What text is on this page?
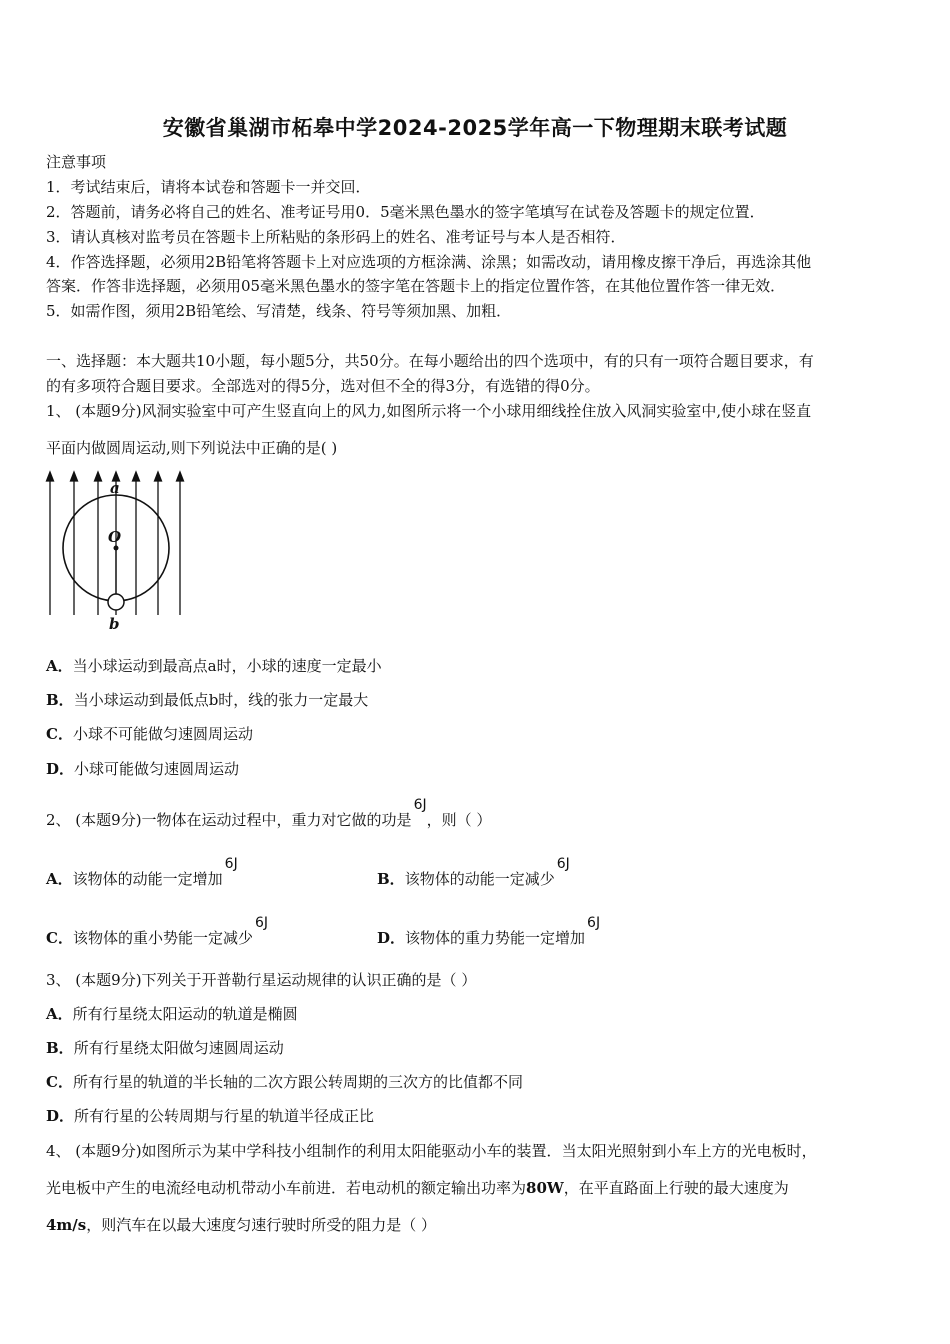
安徽省巢湖市柘皋中学2024-2025学年高一下物理期末联考试题
注意事项
1．考试结束后，请将本试卷和答题卡一并交回．
2．答题前，请务必将自己的姓名、准考证号用0．5毫米黑色墨水的签字笔填写在试卷及答题卡的规定位置．
3．请认真核对监考员在答题卡上所粘贴的条形码上的姓名、准考证号与本人是否相符．
4．作答选择题，必须用2B铅笔将答题卡上对应选项的方框涂满、涂黑；如需改动，请用橡皮擦干净后，再选涂其他
答案．作答非选择题，必须用05毫米黑色墨水的签字笔在答题卡上的指定位置作答，在其他位置作答一律无效．
5．如需作图，须用2B铅笔绘、写清楚，线条、符号等须加黑、加粗．
一、选择题：本大题共10小题，每小题5分，共50分。在每小题给出的四个选项中，有的只有一项符合题目要求，有
的有多项符合题目要求。全部选对的得5分，选对但不全的得3分，有选错的得0分。
1、 (本题9分)风洞实验室中可产生竖直向上的风力,如图所示将一个小球用细线拴住放入风洞实验室中,使小球在竖直
平面内做圆周运动,则下列说法中正确的是( )
a
O
b
A．当小球运动到最高点a时，小球的速度一定最小
B．当小球运动到最低点b时，线的张力一定最大
C．小球不可能做匀速圆周运动
D．小球可能做匀速圆周运动
2、 (本题9分)一物体在运动过程中，重力对它做的功是$^{6J}$，则（ ）
A．该物体的动能一定增加$^{6J}$
B．该物体的动能一定减少$^{6J}$
C．该物体的重小势能一定减少$^{6J}$
D．该物体的重力势能一定增加$^{6J}$
3、 (本题9分)下列关于开普勒行星运动规律的认识正确的是（ ）
A．所有行星绕太阳运动的轨道是椭圆
B．所有行星绕太阳做匀速圆周运动
C．所有行星的轨道的半长轴的二次方跟公转周期的三次方的比值都不同
D．所有行星的公转周期与行星的轨道半径成正比
4、 (本题9分)如图所示为某中学科技小组制作的利用太阳能驱动小车的装置．当太阳光照射到小车上方的光电板时，
光电板中产生的电流经电动机带动小车前进．若电动机的额定输出功率为80W，在平直路面上行驶的最大速度为
4m/s，则汽车在以最大速度匀速行驶时所受的阻力是（ ）
